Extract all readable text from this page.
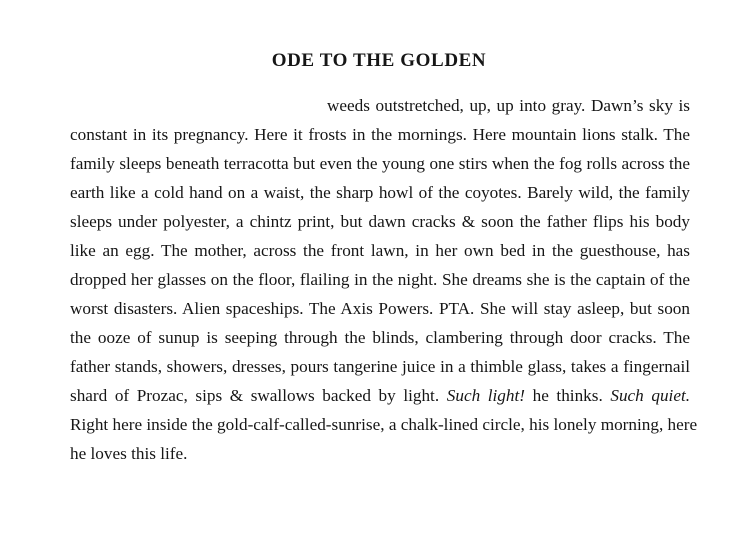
ODE TO THE GOLDEN
weeds outstretched, up, up into gray. Dawn’s sky is
constant in its pregnancy. Here it frosts in the mornings. Here mountain lions stalk. The
family sleeps beneath terracotta but even the young one stirs when the fog rolls across the
earth like a cold hand on a waist, the sharp howl of the coyotes. Barely wild, the family
sleeps under polyester, a chintz print, but dawn cracks & soon the father flips his body
like an egg. The mother, across the front lawn, in her own bed in the guesthouse, has
dropped her glasses on the floor, flailing in the night. She dreams she is the captain of the
worst disasters. Alien spaceships. The Axis Powers. PTA. She will stay asleep, but soon
the ooze of sunup is seeping through the blinds, clambering through door cracks. The
father stands, showers, dresses, pours tangerine juice in a thimble glass, takes a fingernail
shard of Prozac, sips & swallows backed by light. Such light! he thinks. Such quiet.
Right here inside the gold-calf-called-sunrise, a chalk-lined circle, his lonely morning, here
he loves this life.
